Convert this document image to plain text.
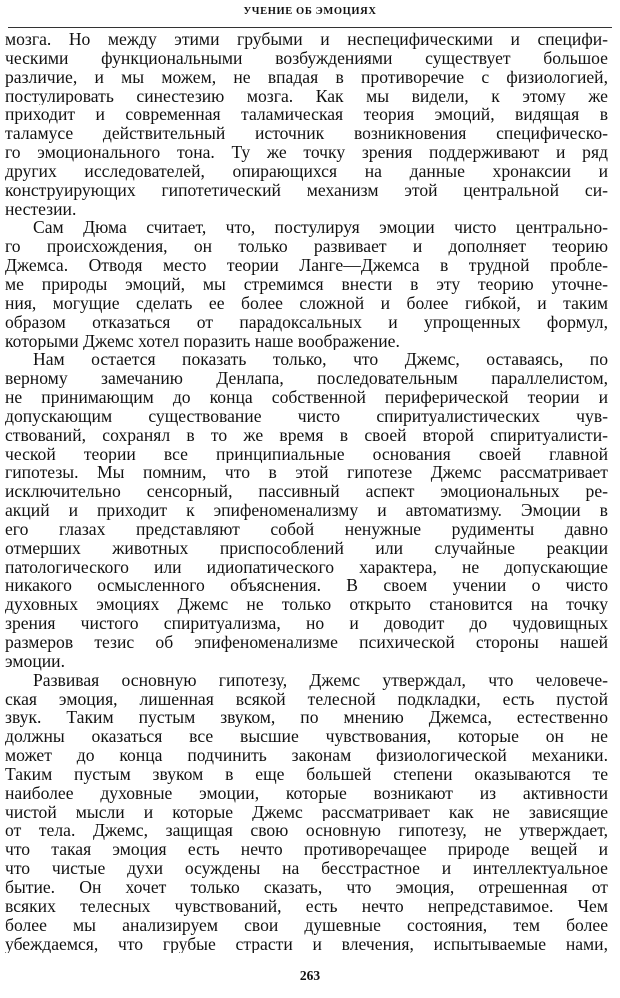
УЧЕНИЕ ОБ ЭМОЦИЯХ
мозга. Но между этими грубыми и неспецифическими и специфи-
ческими функциональными возбуждениями существует большое
различие, и мы можем, не впадая в противоречие с физиологией,
постулировать синестезию мозга. Как мы видели, к этому же
приходит и современная таламическая теория эмоций, видящая в
таламусе действительный источник возникновения специфическо-
го эмоционального тона. Ту же точку зрения поддерживают и ряд
других исследователей, опирающихся на данные хронаксии и
конструирующих гипотетический механизм этой центральной си-
нестезии.
Сам Дюма считает, что, постулируя эмоции чисто центрально-
го происхождения, он только развивает и дополняет теорию
Джемса. Отводя место теории Ланге—Джемса в трудной пробле-
ме природы эмоций, мы стремимся внести в эту теорию уточне-
ния, могущие сделать ее более сложной и более гибкой, и таким
образом отказаться от парадоксальных и упрощенных формул,
которыми Джемс хотел поразить наше воображение.
Нам остается показать только, что Джемс, оставаясь, по
верному замечанию Денлапа, последовательным параллелистом,
не принимающим до конца собственной периферической теории и
допускающим существование чисто спиритуалистических чув-
ствований, сохранял в то же время в своей второй спиритуалисти-
ческой теории все принципиальные основания своей главной
гипотезы. Мы помним, что в этой гипотезе Джемс рассматривает
исключительно сенсорный, пассивный аспект эмоциональных ре-
акций и приходит к эпифеноменализму и автоматизму. Эмоции в
его глазах представляют собой ненужные рудименты давно
отмерших животных приспособлений или случайные реакции
патологического или идиопатического характера, не допускающие
никакого осмысленного объяснения. В своем учении о чисто
духовных эмоциях Джемс не только открыто становится на точку
зрения чистого спиритуализма, но и доводит до чудовищных
размеров тезис об эпифеноменализме психической стороны нашей
эмоции.
Развивая основную гипотезу, Джемс утверждал, что человече-
ская эмоция, лишенная всякой телесной подкладки, есть пустой
звук. Таким пустым звуком, по мнению Джемса, естественно
должны оказаться все высшие чувствования, которые он не
может до конца подчинить законам физиологической механики.
Таким пустым звуком в еще большей степени оказываются те
наиболее духовные эмоции, которые возникают из активности
чистой мысли и которые Джемс рассматривает как не зависящие
от тела. Джемс, защищая свою основную гипотезу, не утверждает,
что такая эмоция есть нечто противоречащее природе вещей и
что чистые духи осуждены на бесстрастное и интеллектуальное
бытие. Он хочет только сказать, что эмоция, отрешенная от
всяких телесных чувствований, есть нечто непредставимое. Чем
более мы анализируем свои душевные состояния, тем более
убеждаемся, что грубые страсти и влечения, испытываемые нами,
263
